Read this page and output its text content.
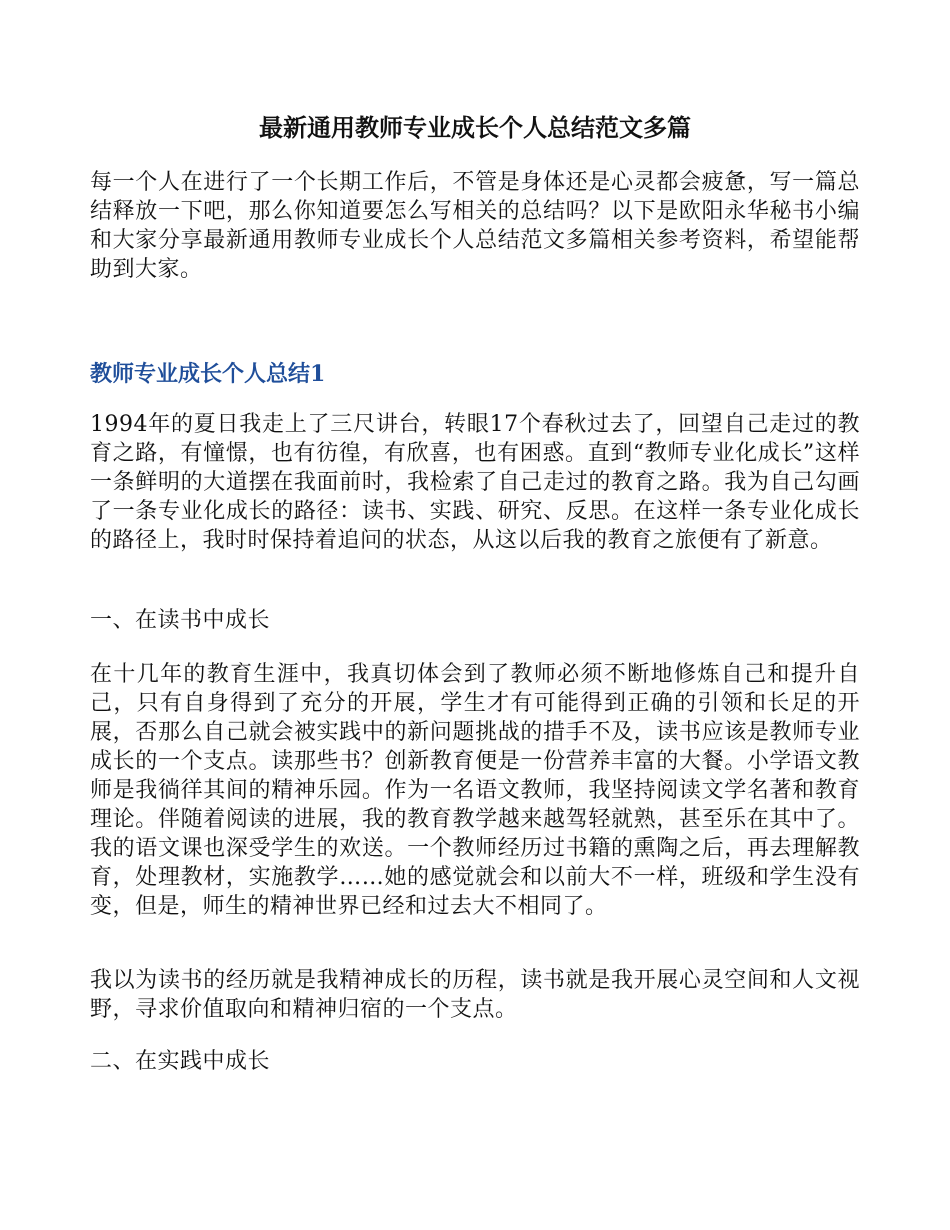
最新通用教师专业成长个人总结范文多篇

每一个人在进行了一个长期工作后，不管是身体还是心灵都会疲惫，写一篇总结释放一下吧，那么你知道要怎么写相关的总结吗？以下是欧阳永华秘书小编和大家分享最新通用教师专业成长个人总结范文多篇相关参考资料，希望能帮助到大家。

教师专业成长个人总结1

1994年的夏日我走上了三尺讲台，转眼17个春秋过去了，回望自己走过的教育之路，有憧憬，也有彷徨，有欣喜，也有困惑。直到“教师专业化成长”这样一条鲜明的大道摆在我面前时，我检索了自己走过的教育之路。我为自己勾画了一条专业化成长的路径：读书、实践、研究、反思。在这样一条专业化成长的路径上，我时时保持着追问的状态，从这以后我的教育之旅便有了新意。

一、在读书中成长

在十几年的教育生涯中，我真切体会到了教师必须不断地修炼自己和提升自己，只有自身得到了充分的开展，学生才有可能得到正确的引领和长足的开展，否那么自己就会被实践中的新问题挑战的措手不及，读书应该是教师专业成长的一个支点。读那些书？创新教育便是一份营养丰富的大餐。小学语文教师是我徜徉其间的精神乐园。作为一名语文教师，我坚持阅读文学名著和教育理论。伴随着阅读的进展，我的教育教学越来越驾轻就熟，甚至乐在其中了。我的语文课也深受学生的欢送。一个教师经历过书籍的熏陶之后，再去理解教育，处理教材，实施教学……她的感觉就会和以前大不一样，班级和学生没有变，但是，师生的精神世界已经和过去大不相同了。

我以为读书的经历就是我精神成长的历程，读书就是我开展心灵空间和人文视野，寻求价值取向和精神归宿的一个支点。

二、在实践中成长
